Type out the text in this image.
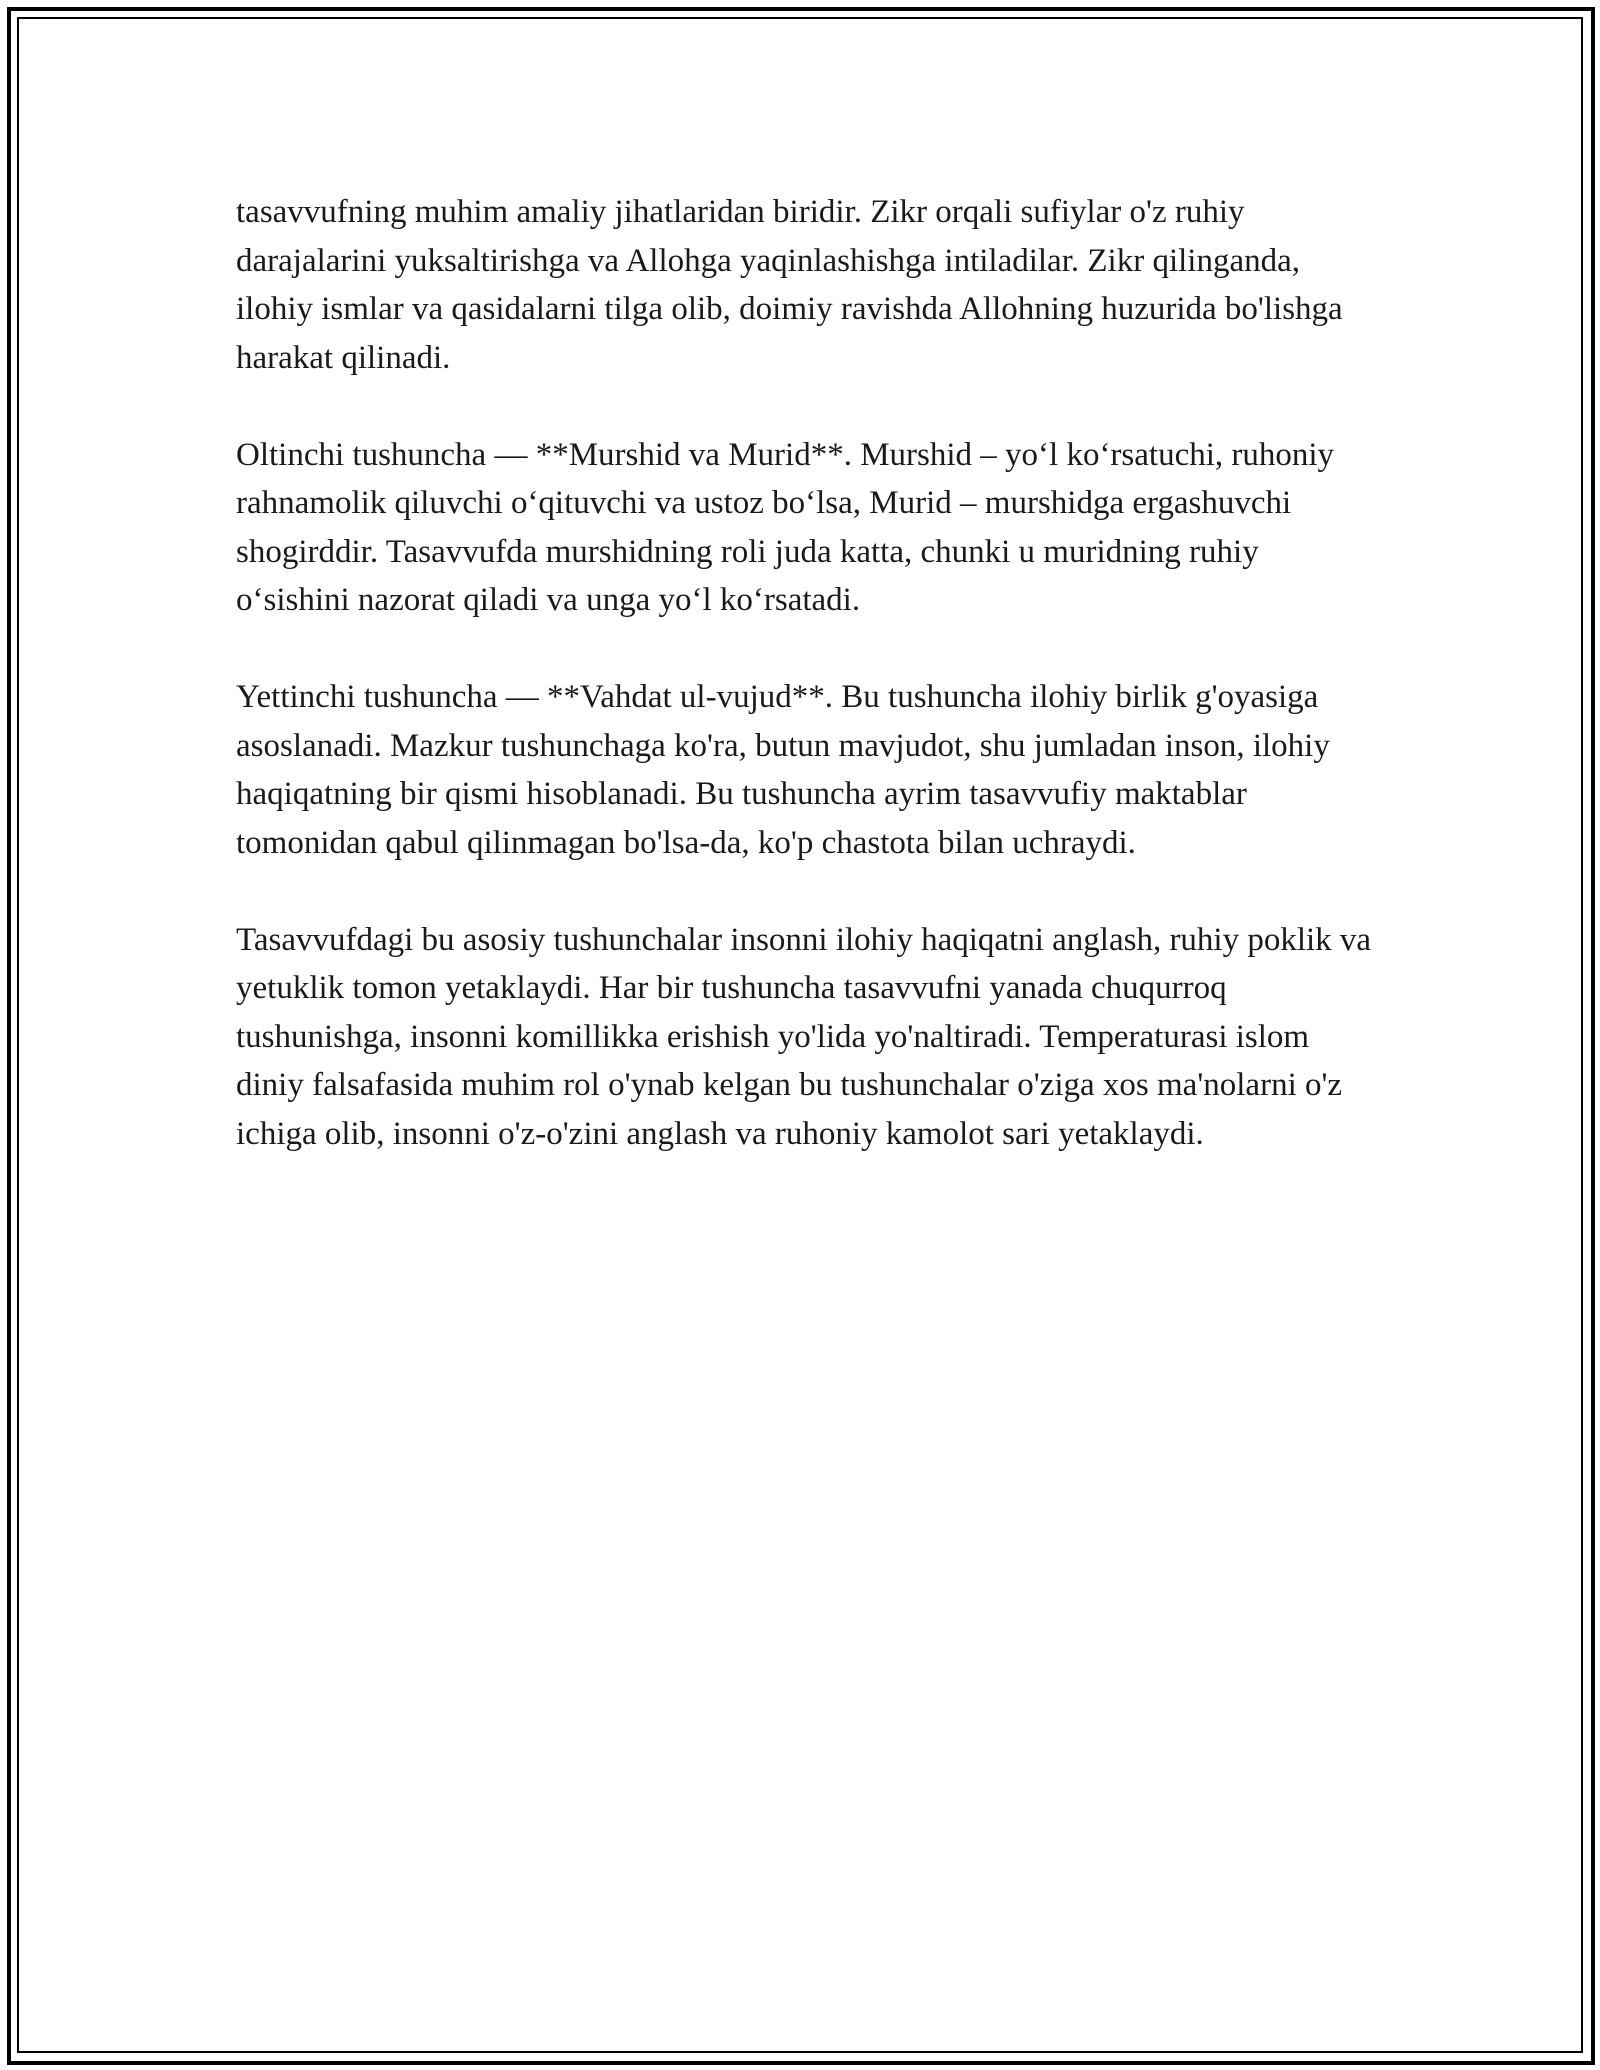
tasavvufning muhim amaliy jihatlaridan biridir. Zikr orqali sufiylar o'z ruhiy darajalarini yuksaltirishga va Allohga yaqinlashishga intiladilar. Zikr qilinganda, ilohiy ismlar va qasidalarni tilga olib, doimiy ravishda Allohning huzurida bo'lishga harakat qilinadi.

Oltinchi tushuncha — **Murshid va Murid**. Murshid – yo‘l ko‘rsatuchi, ruhoniy rahnamolik qiluvchi o‘qituvchi va ustoz bo‘lsa, Murid – murshidga ergashuvchi shogirddir. Tasavvufda murshidning roli juda katta, chunki u muridning ruhiy o‘sishini nazorat qiladi va unga yo‘l ko‘rsatadi.

Yettinchi tushuncha — **Vahdat ul-vujud**. Bu tushuncha ilohiy birlik g'oyasiga asoslanadi. Mazkur tushunchaga ko'ra, butun mavjudot, shu jumladan inson, ilohiy haqiqatning bir qismi hisoblanadi. Bu tushuncha ayrim tasavvufiy maktablar tomonidan qabul qilinmagan bo'lsa-da, ko'p chastota bilan uchraydi.

Tasavvufdagi bu asosiy tushunchalar insonni ilohiy haqiqatni anglash, ruhiy poklik va yetuklik tomon yetaklaydi. Har bir tushuncha tasavvufni yanada chuqurroq tushunishga, insonni komillikka erishish yo'lida yo'naltiradi. Temperaturasi islom diniy falsafasida muhim rol o'ynab kelgan bu tushunchalar o'ziga xos ma'nolarni o'z ichiga olib, insonni o'z-o'zini anglash va ruhoniy kamolot sari yetaklaydi.
